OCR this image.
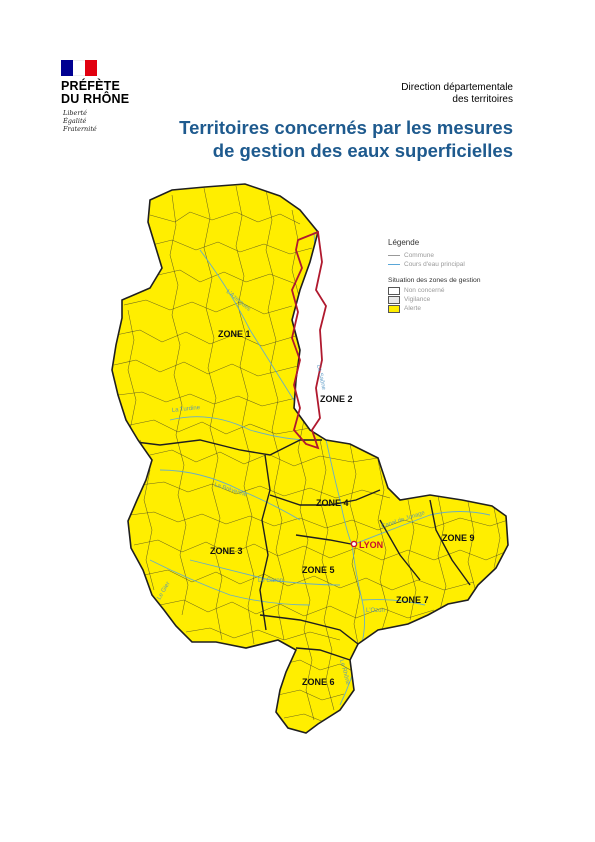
PRÉFÈTE
DU RHÔNE
Liberté
Égalité
Fraternité
Direction départementale
des territoires
Territoires concernés par les mesures
de gestion des eaux superficielles
ZONE 1
ZONE 2
ZONE 3
ZONE 4
ZONE 5
ZONE 6
ZONE 7
ZONE 9
LYON
La Saône
L'Azergues
La Brévenne
Le Gier	Le Garon
L'Ozon
Canal de Jonage
La Turdine
Le Rhône
Légende
Commune
Cours d'eau principal
Situation des zones de gestion
Non concerné
Vigilance
Alerte
